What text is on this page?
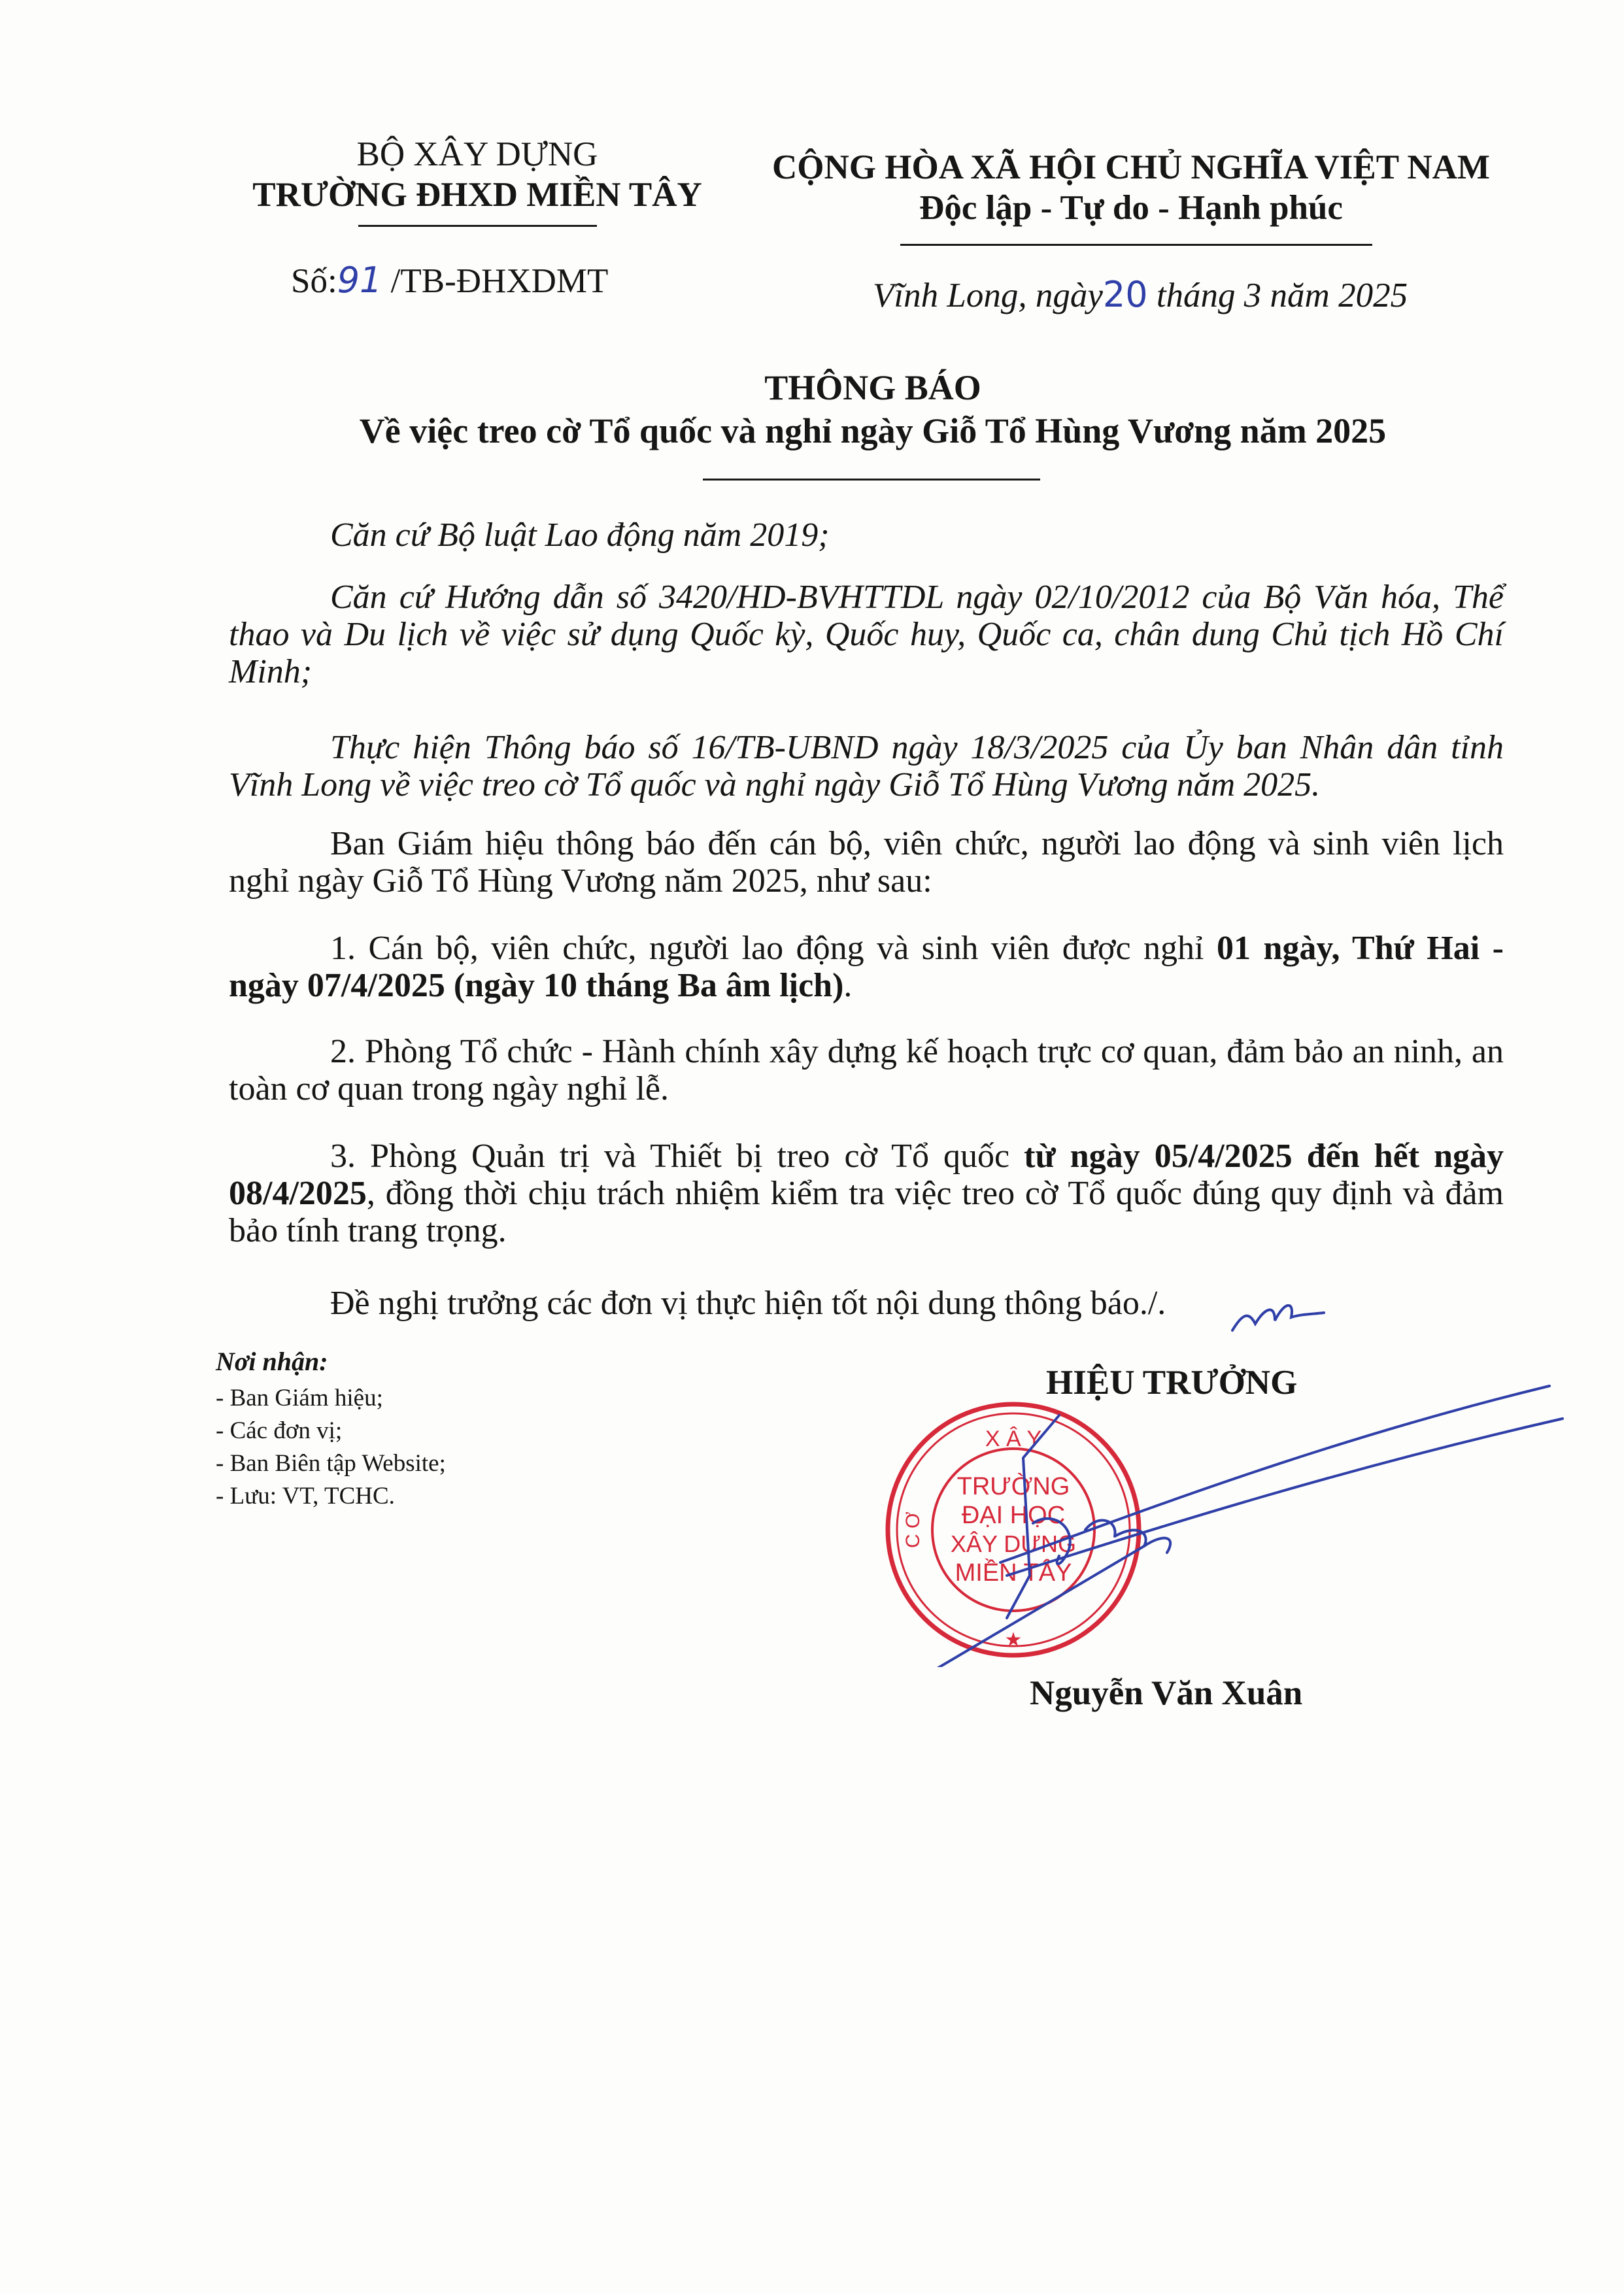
BỘ XÂY DỰNG
TRƯỜNG ĐHXD MIỀN TÂY
Số:91 /TB-ĐHXDMT
CỘNG HÒA XÃ HỘI CHỦ NGHĨA VIỆT NAM
Độc lập - Tự do - Hạnh phúc
Vĩnh Long, ngày20 tháng 3 năm 2025
THÔNG BÁO
Về việc treo cờ Tổ quốc và nghỉ ngày Giỗ Tổ Hùng Vương năm 2025

Căn cứ Bộ luật Lao động năm 2019;

Căn cứ Hướng dẫn số 3420/HD-BVHTTDL ngày 02/10/2012 của Bộ Văn hóa, Thể thao và Du lịch về việc sử dụng Quốc kỳ, Quốc huy, Quốc ca, chân dung Chủ tịch Hồ Chí Minh;

Thực hiện Thông báo số 16/TB-UBND ngày 18/3/2025 của Ủy ban Nhân dân tỉnh Vĩnh Long về việc treo cờ Tổ quốc và nghỉ ngày Giỗ Tổ Hùng Vương năm 2025.

Ban Giám hiệu thông báo đến cán bộ, viên chức, người lao động và sinh viên lịch nghỉ ngày Giỗ Tổ Hùng Vương năm 2025, như sau:

1. Cán bộ, viên chức, người lao động và sinh viên được nghỉ 01 ngày, Thứ Hai - ngày 07/4/2025 (ngày 10 tháng Ba âm lịch).

2. Phòng Tổ chức - Hành chính xây dựng kế hoạch trực cơ quan, đảm bảo an ninh, an toàn cơ quan trong ngày nghỉ lễ.

3. Phòng Quản trị và Thiết bị treo cờ Tổ quốc từ ngày 05/4/2025 đến hết ngày 08/4/2025, đồng thời chịu trách nhiệm kiểm tra việc treo cờ Tổ quốc đúng quy định và đảm bảo tính trang trọng.

Đề nghị trưởng các đơn vị thực hiện tốt nội dung thông báo./.

Nơi nhận:
- Ban Giám hiệu;
- Các đơn vị;
- Ban Biên tập Website;
- Lưu: VT, TCHC.
HIỆU TRƯỞNG
X Â Y
C Ơ
TRƯỜNG
ĐẠI HỌC
XÂY DỰNG
MIỀN TÂY
★
Nguyễn Văn Xuân
